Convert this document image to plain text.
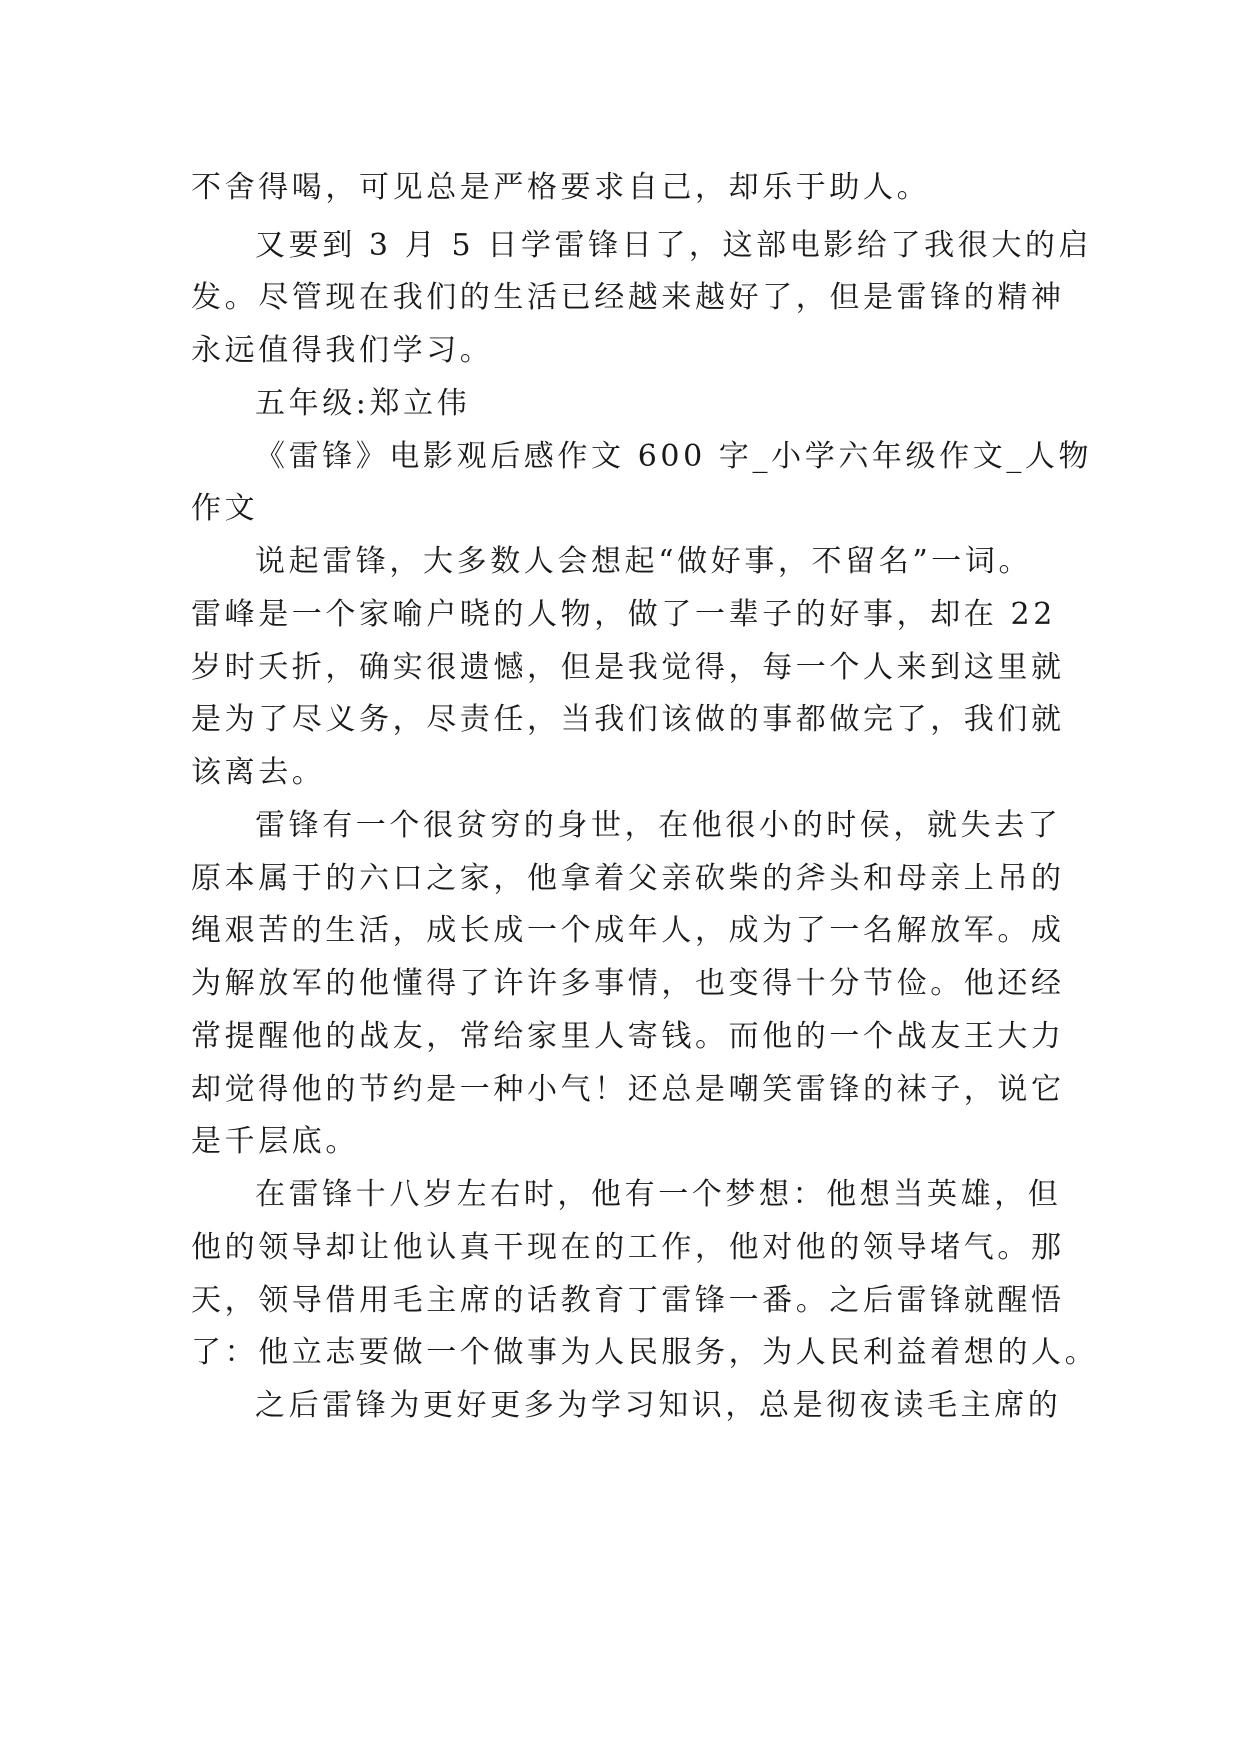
不舍得喝，可见总是严格要求自己，却乐于助人。
又要到 3 月 5 日学雷锋日了，这部电影给了我很大的启
发。尽管现在我们的生活已经越来越好了，但是雷锋的精神
永远值得我们学习。
五年级:郑立伟
《雷锋》电影观后感作文 600 字_小学六年级作文_人物
作文
说起雷锋，大多数人会想起“做好事，不留名”一词。
雷峰是一个家喻户晓的人物，做了一辈子的好事，却在 22
岁时夭折，确实很遗憾，但是我觉得，每一个人来到这里就
是为了尽义务，尽责任，当我们该做的事都做完了，我们就
该离去。
雷锋有一个很贫穷的身世，在他很小的时侯，就失去了
原本属于的六口之家，他拿着父亲砍柴的斧头和母亲上吊的
绳艰苦的生活，成长成一个成年人，成为了一名解放军。成
为解放军的他懂得了许许多事情，也变得十分节俭。他还经
常提醒他的战友，常给家里人寄钱。而他的一个战友王大力
却觉得他的节约是一种小气！还总是嘲笑雷锋的袜子，说它
是千层底。
在雷锋十八岁左右时，他有一个梦想：他想当英雄，但
他的领导却让他认真干现在的工作，他对他的领导堵气。那
天，领导借用毛主席的话教育丁雷锋一番。之后雷锋就醒悟
了：他立志要做一个做事为人民服务，为人民利益着想的人。
之后雷锋为更好更多为学习知识，总是彻夜读毛主席的
